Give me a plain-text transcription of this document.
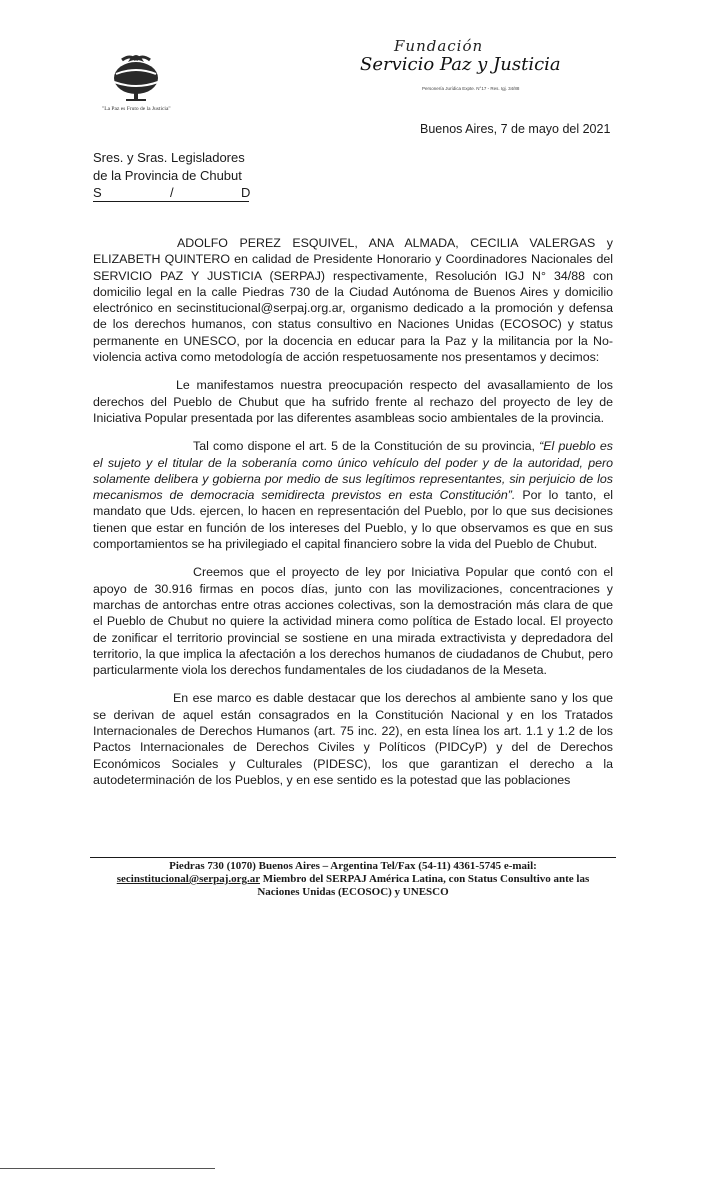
"La Paz es Fruto de la Justicia"
Fundación
Servicio Paz y Justicia
Personería Jurídica Expte. N°17 - Res. Igj. 34/88
Buenos Aires, 7 de mayo del 2021
Sres. y Sras. Legisladores
de la Provincia de Chubut
S	/	D

ADOLFO PEREZ ESQUIVEL, ANA ALMADA, CECILIA VALERGAS y ELIZABETH QUINTERO en calidad de Presidente Honorario y Coordinadores Nacionales del SERVICIO PAZ Y JUSTICIA (SERPAJ) respectivamente, Resolución IGJ N° 34/88 con domicilio legal en la calle Piedras 730 de la Ciudad Autónoma de Buenos Aires y domicilio electrónico en secinstitucional@serpaj.org.ar, organismo dedicado a la promoción y defensa de los derechos humanos, con status consultivo en Naciones Unidas (ECOSOC) y status permanente en UNESCO, por la docencia en educar para la Paz y la militancia por la No-violencia activa como metodología de acción respetuosamente nos presentamos y decimos:

Le manifestamos nuestra preocupación respecto del avasallamiento de los derechos del Pueblo de Chubut que ha sufrido frente al rechazo del proyecto de ley de Iniciativa Popular presentada por las diferentes asambleas socio ambientales de la provincia.

Tal como dispone el art. 5 de la Constitución de su provincia, “El pueblo es el sujeto y el titular de la soberanía como único vehículo del poder y de la autoridad, pero solamente delibera y gobierna por medio de sus legítimos representantes, sin perjuicio de los mecanismos de democracia semidirecta previstos en esta Constitución”. Por lo tanto, el mandato que Uds. ejercen, lo hacen en representación del Pueblo, por lo que sus decisiones tienen que estar en función de los intereses del Pueblo, y lo que observamos es que en sus comportamientos se ha privilegiado el capital financiero sobre la vida del Pueblo de Chubut.

Creemos que el proyecto de ley por Iniciativa Popular que contó con el apoyo de 30.916 firmas en pocos días, junto con las movilizaciones, concentraciones y marchas de antorchas entre otras acciones colectivas, son la demostración más clara de que el Pueblo de Chubut no quiere la actividad minera como política de Estado local. El proyecto de zonificar el territorio provincial se sostiene en una mirada extractivista y depredadora del territorio, la que implica la afectación a los derechos humanos de ciudadanos de Chubut, pero particularmente viola los derechos fundamentales de los ciudadanos de la Meseta.

En ese marco es dable destacar que los derechos al ambiente sano y los que se derivan de aquel están consagrados en la Constitución Nacional y en los Tratados Internacionales de Derechos Humanos (art. 75 inc. 22), en esta línea los art. 1.1 y 1.2 de los Pactos Internacionales de Derechos Civiles y Políticos (PIDCyP) y del de Derechos Económicos Sociales y Culturales (PIDESC), los que garantizan el derecho a la autodeterminación de los Pueblos, y en ese sentido es la potestad que las poblaciones

Piedras 730 (1070) Buenos Aires – Argentina Tel/Fax (54-11) 4361-5745 e-mail:
secinstitucional@serpaj.org.ar Miembro del SERPAJ América Latina, con Status Consultivo ante las
Naciones Unidas (ECOSOC) y UNESCO
